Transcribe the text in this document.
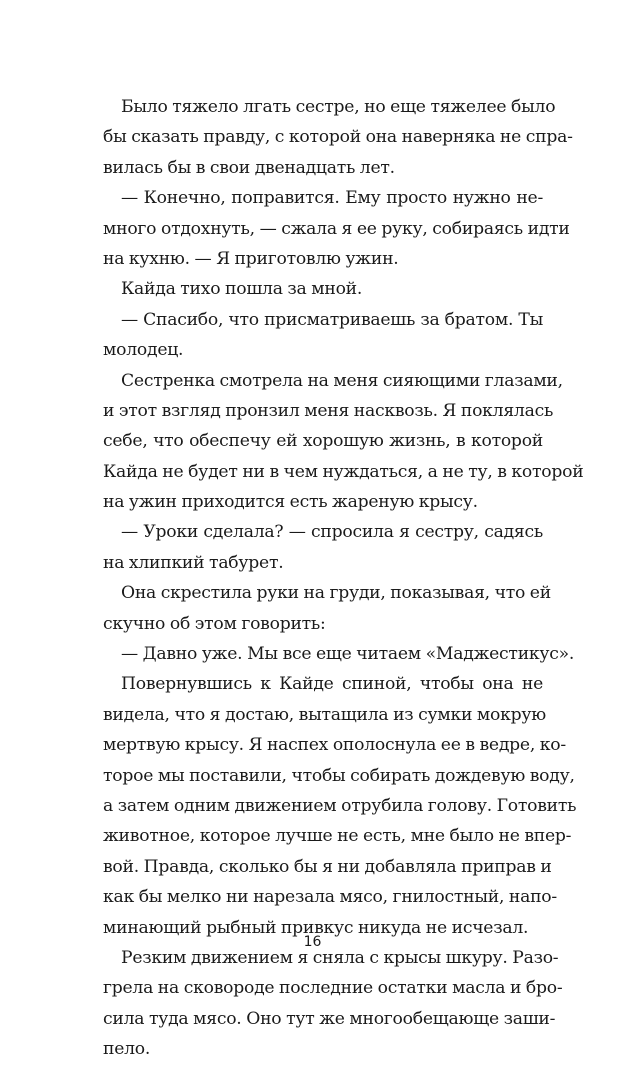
Было тяжело лгать сестре, но еще тяжелее было
бы сказать правду, с которой она наверняка не спра-
вилась бы в свои двенадцать лет.
— Конечно, поправится. Ему просто нужно не-
много отдохнуть, — сжала я ее руку, собираясь идти
на кухню. — Я приготовлю ужин.
Кайда тихо пошла за мной.
— Спасибо, что присматриваешь за братом. Ты
молодец.
Сестренка смотрела на меня сияющими глазами,
и этот взгляд пронзил меня насквозь. Я поклялась
себе, что обеспечу ей хорошую жизнь, в которой
Кайда не будет ни в чем нуждаться, а не ту, в которой
на ужин приходится есть жареную крысу.
— Уроки сделала? — спросила я сестру, садясь
на хлипкий табурет.
Она скрестила руки на груди, показывая, что ей
скучно об этом говорить:
— Давно уже. Мы все еще читаем «Маджестикус».
Повернувшись к Кайде спиной, чтобы она не
видела, что я достаю, вытащила из сумки мокрую
мертвую крысу. Я наспех ополоснула ее в ведре, ко-
торое мы поставили, чтобы собирать дождевую воду,
а затем одним движением отрубила голову. Готовить
животное, которое лучше не есть, мне было не впер-
вой. Правда, сколько бы я ни добавляла приправ и
как бы мелко ни нарезала мясо, гнилостный, напо-
минающий рыбный привкус никуда не исчезал.
Резким движением я сняла с крысы шкуру. Разо-
грела на сковороде последние остатки масла и бро-
сила туда мясо. Оно тут же многообещающе заши-
пело.
16
